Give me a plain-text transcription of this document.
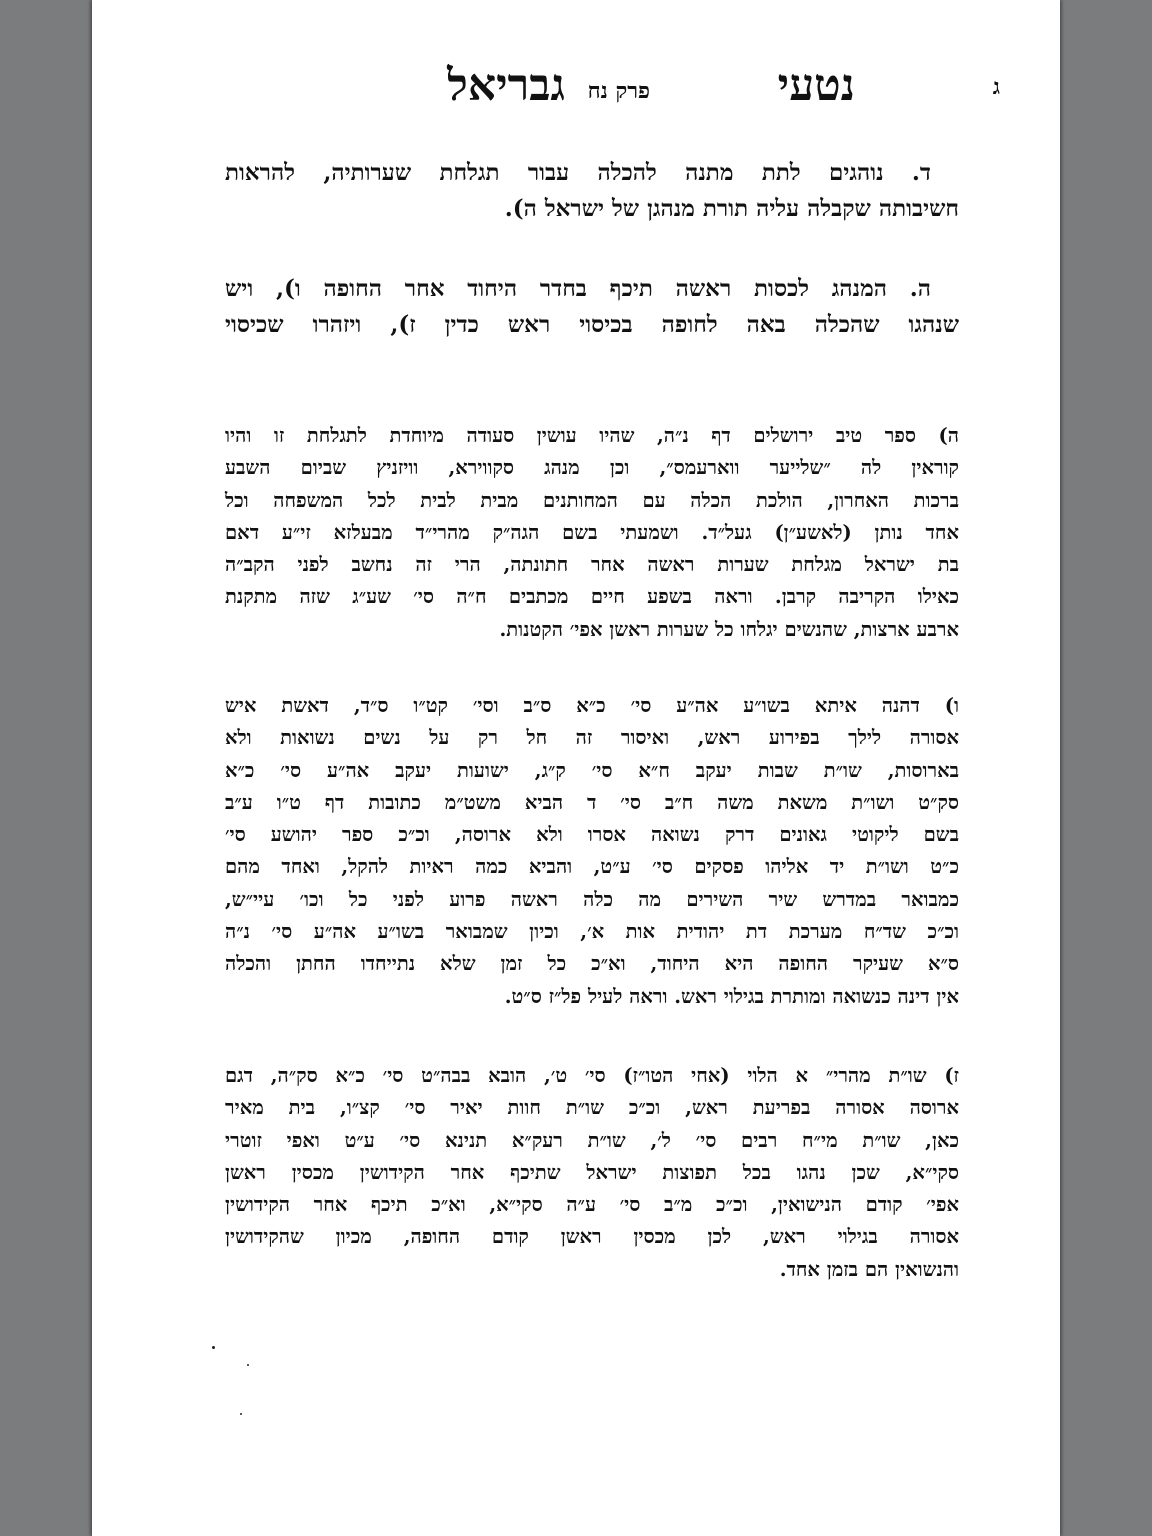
ג
נטעי
פרק נח
גבריאל
ד. נוהגים לתת מתנה להכלה עבור תגלחת שערותיה, להראות
חשיבותה שקבלה עליה תורת מנהגן של ישראל ה).
ה. המנהג לכסות ראשה תיכף בחדר היחוד אחר החופה ו), ויש
שנהגו שהכלה באה לחופה בכיסוי ראש כדין ז), ויזהרו שכיסוי
ה) ספר טיב ירושלים דף נ״ה, שהיו עושין סעודה מיוחדת לתגלחת זו והיו
קוראין לה ״שלייער ווארעמס״, וכן מנהג סקווירא, וויזניץ שביום השבע
ברכות האחרון, הולכת הכלה עם המחותנים מבית לבית לכל המשפחה וכל
אחד נותן (לאשע״ן) געל״ד. ושמעתי בשם הגה״ק מהרי״ד מבעלזא זי״ע דאם
בת ישראל מגלחת שערות ראשה אחר חתונתה, הרי זה נחשב לפני הקב״ה
כאילו הקריבה קרבן. וראה בשפע חיים מכתבים ח״ה סי׳ שע״ג שזה מתקנת
ארבע ארצות, שהנשים יגלחו כל שערות ראשן אפי׳ הקטנות.
ו) דהנה איתא בשו״ע אה״ע סי׳ כ״א ס״ב וסי׳ קט״ו ס״ד, דאשת איש
אסורה לילך בפירוע ראש, ואיסור זה חל רק על נשים נשואות ולא
בארוסות, שו״ת שבות יעקב ח״א סי׳ ק״ג, ישועות יעקב אה״ע סי׳ כ״א
סק״ט ושו״ת משאת משה ח״ב סי׳ ד הביא משט״מ כתובות דף ט״ו ע״ב
בשם ליקוטי גאונים דרק נשואה אסרו ולא ארוסה, וכ״כ ספר יהושע סי׳
כ״ט ושו״ת יד אליהו פסקים סי׳ ע״ט, והביא כמה ראיות להקל, ואחד מהם
כמבואר במדרש שיר השירים מה כלה ראשה פרוע לפני כל וכו׳ עיי״ש,
וכ״כ שד״ח מערכת דת יהודית אות א׳, וכיון שמבואר בשו״ע אה״ע סי׳ נ״ה
ס״א שעיקר החופה היא היחוד, וא״כ כל זמן שלא נתייחדו החתן והכלה
אין דינה כנשואה ומותרת בגילוי ראש. וראה לעיל פל״ז ס״ט.
ז) שו״ת מהרי״ א הלוי (אחי הטו״ז) סי׳ ט׳, הובא בבה״ט סי׳ כ״א סק״ה, דגם
ארוסה אסורה בפריעת ראש, וכ״כ שו״ת חוות יאיר סי׳ קצ״ו, בית מאיר
כאן, שו״ת מי״ח רבים סי׳ ל׳, שו״ת רעק״א תנינא סי׳ ע״ט ואפי זוטרי
סקי״א, שכן נהגו בכל תפוצות ישראל שתיכף אחר הקידושין מכסין ראשן
אפי׳ קודם הנישואין, וכ״כ מ״ב סי׳ ע״ה סקי״א, וא״כ תיכף אחר הקידושין
אסורה בגילוי ראש, לכן מכסין ראשן קודם החופה, מכיון שהקידושין
והנשואין הם בזמן אחד.
